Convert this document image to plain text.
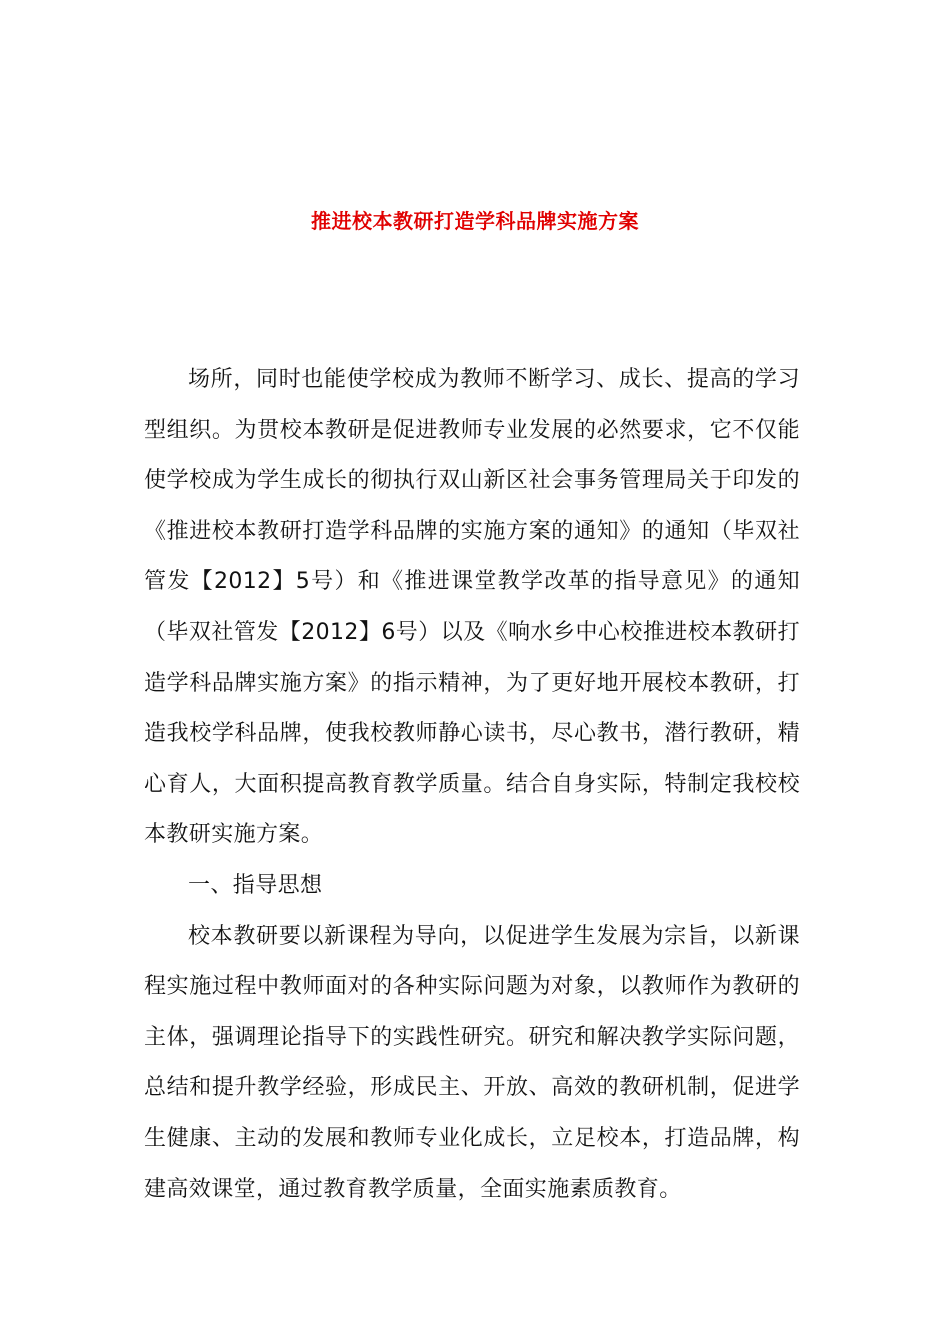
推进校本教研打造学科品牌实施方案

场所，同时也能使学校成为教师不断学习、成长、提高的学习型组织。为贯校本教研是促进教师专业发展的必然要求，它不仅能使学校成为学生成长的彻执行双山新区社会事务管理局关于印发的《推进校本教研打造学科品牌的实施方案的通知》的通知（毕双社管发【2012】5号）和《推进课堂教学改革的指导意见》的通知（毕双社管发【2012】6号）以及《响水乡中心校推进校本教研打造学科品牌实施方案》的指示精神，为了更好地开展校本教研，打造我校学科品牌，使我校教师静心读书，尽心教书，潜行教研，精心育人，大面积提高教育教学质量。结合自身实际，特制定我校校本教研实施方案。

一、指导思想

校本教研要以新课程为导向，以促进学生发展为宗旨，以新课程实施过程中教师面对的各种实际问题为对象，以教师作为教研的主体，强调理论指导下的实践性研究。研究和解决教学实际问题，总结和提升教学经验，形成民主、开放、高效的教研机制，促进学生健康、主动的发展和教师专业化成长，立足校本，打造品牌，构建高效课堂，通过教育教学质量，全面实施素质教育。
